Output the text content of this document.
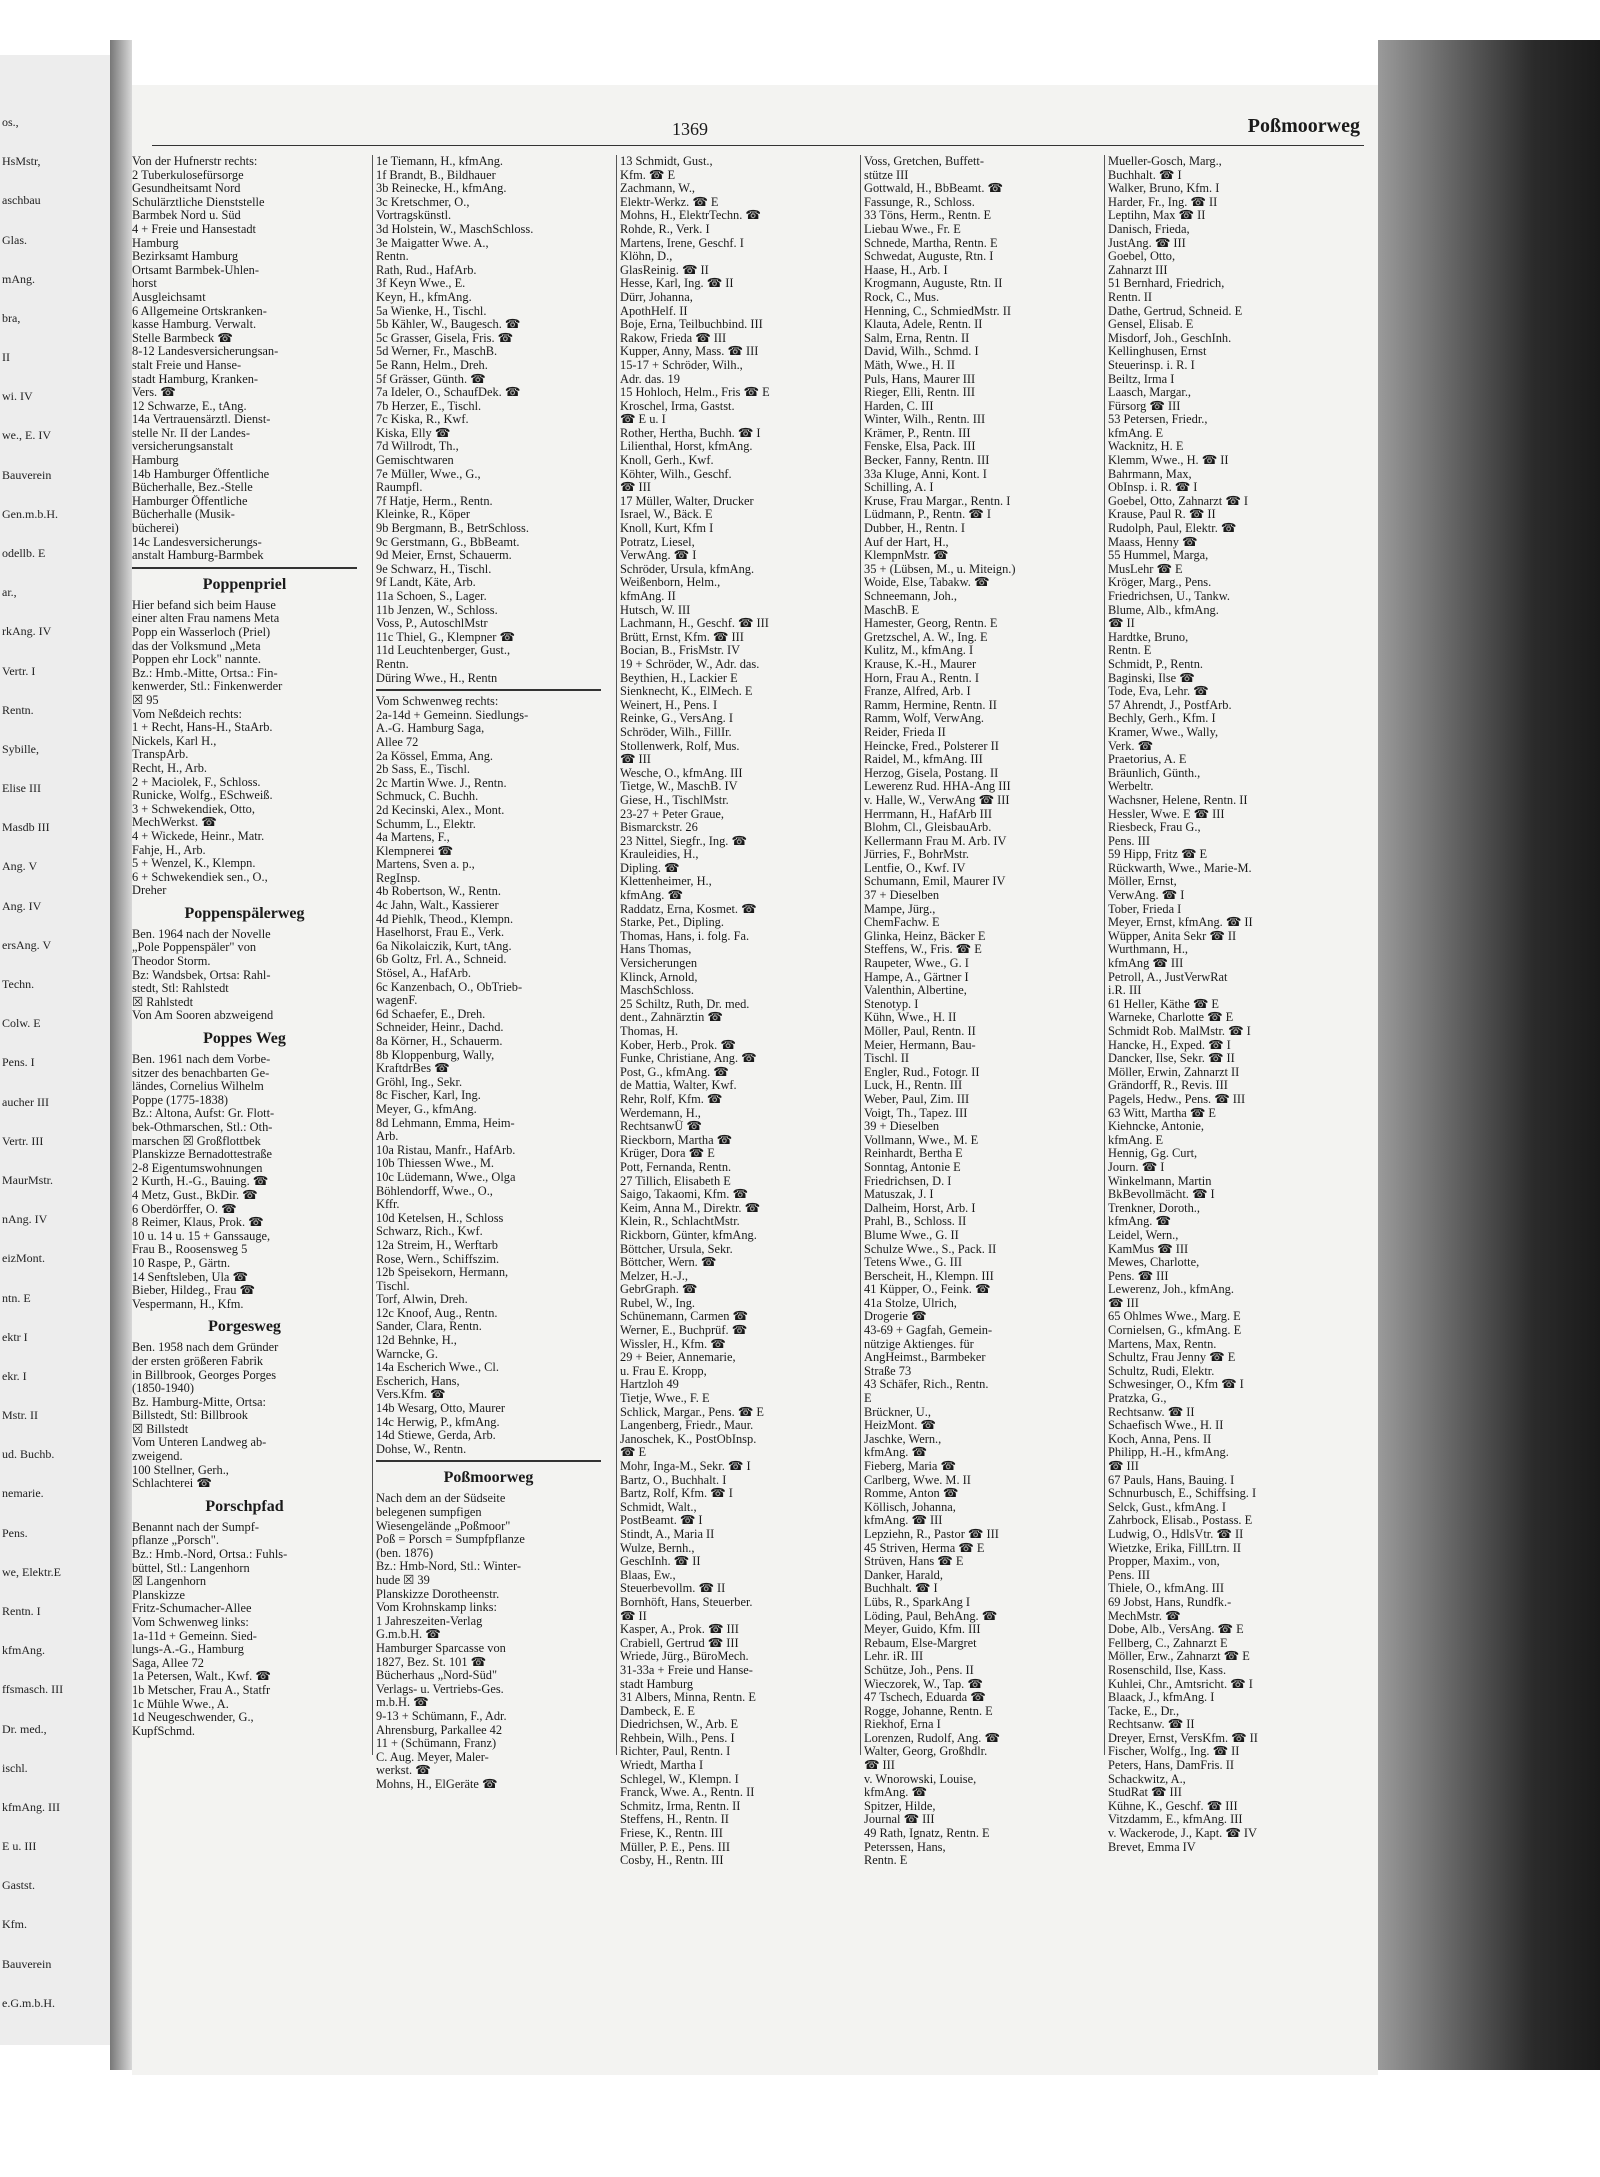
os.,
HsMstr,
aschbau
Glas.
mAng.
bra,
II
wi. IV
we., E. IV
Bauverein
Gen.m.b.H.
odellb. E
ar.,
rkAng. IV
Vertr. I
Rentn.
Sybille,
Elise III
Masdb III
Ang. V
Ang. IV
ersAng. V
Techn.
Colw. E
Pens. I
aucher III
Vertr. III
MaurMstr.
nAng. IV
eizMont.
ntn. E
ektr I
ekr. I
Mstr. II
ud. Buchb.
nemarie.
Pens.
we, Elektr.E
Rentn. I
kfmAng.
ffsmasch. III
Dr. med.,
ischl.
kfmAng. III
E u. III
Gastst.
Kfm.
Bauverein
e.G.m.b.H.
1369	Poßmoorweg
Von der Hufnerstr rechts:
2 Tuberkulosefürsorge
Gesundheitsamt Nord
Schulärztliche Dienststelle
Barmbek Nord u. Süd
4 + Freie und Hansestadt
Hamburg
Bezirksamt Hamburg
Ortsamt Barmbek-Uhlen-
horst
Ausgleichsamt
6 Allgemeine Ortskranken-
kasse Hamburg. Verwalt.
Stelle Barmbeck ☎
8-12 Landesversicherungsan-
stalt Freie und Hanse-
stadt Hamburg, Kranken-
Vers. ☎
12 Schwarze, E., tAng.
14a Vertrauensärztl. Dienst-
stelle Nr. II der Landes-
versicherungsanstalt
Hamburg
14b Hamburger Öffentliche
Bücherhalle, Bez.-Stelle
Hamburger Öffentliche
Bücherhalle (Musik-
bücherei)
14c Landesversicherungs-
anstalt Hamburg-Barmbek
Poppenpriel
Hier befand sich beim Hause
einer alten Frau namens Meta
Popp ein Wasserloch (Priel)
das der Volksmund „Meta
Poppen ehr Lock" nannte.
Bz.: Hmb.-Mitte, Ortsa.: Fin-
kenwerder, Stl.: Finkenwerder
☒ 95
Vom Neßdeich rechts:
1 + Recht, Hans-H., StaArb.
Nickels, Karl H.,
TranspArb.
Recht, H., Arb.
2 + Maciolek, F., Schloss.
Runicke, Wolfg., ESchweiß.
3 + Schwekendiek, Otto,
MechWerkst. ☎
4 + Wickede, Heinr., Matr.
Fahje, H., Arb.
5 + Wenzel, K., Klempn.
6 + Schwekendiek sen., O.,
Dreher
Poppenspälerweg
Ben. 1964 nach der Novelle
„Pole Poppenspäler" von
Theodor Storm.
Bz: Wandsbek, Ortsa: Rahl-
stedt, Stl: Rahlstedt
☒ Rahlstedt
Von Am Sooren abzweigend
Poppes Weg
Ben. 1961 nach dem Vorbe-
sitzer des benachbarten Ge-
ländes, Cornelius Wilhelm
Poppe (1775-1838)
Bz.: Altona, Aufst: Gr. Flott-
bek-Othmarschen, Stl.: Oth-
marschen ☒ Großflottbek
Planskizze Bernadottestraße
2-8 Eigentumswohnungen
2 Kurth, H.-G., Bauing. ☎
4 Metz, Gust., BkDir. ☎
6 Oberdörffer, O. ☎
8 Reimer, Klaus, Prok. ☎
10 u. 14 u. 15 + Ganssauge,
Frau B., Roosensweg 5
10 Raspe, P., Gärtn.
14 Senftsleben, Ula ☎
Bieber, Hildeg., Frau ☎
Vespermann, H., Kfm.
Porgesweg
Ben. 1958 nach dem Gründer
der ersten größeren Fabrik
in Billbrook, Georges Porges
(1850-1940)
Bz. Hamburg-Mitte, Ortsa:
Billstedt, Stl: Billbrook
☒ Billstedt
Vom Unteren Landweg ab-
zweigend.
100 Stellner, Gerh.,
Schlachterei ☎
Porschpfad
Benannt nach der Sumpf-
pflanze „Porsch".
Bz.: Hmb.-Nord, Ortsa.: Fuhls-
büttel, Stl.: Langenhorn
☒ Langenhorn
Planskizze
Fritz-Schumacher-Allee
Vom Schwenweg links:
1a-11d + Gemeinn. Sied-
lungs-A.-G., Hamburg
Saga, Allee 72
1a Petersen, Walt., Kwf. ☎
1b Metscher, Frau A., Statfr
1c Mühle Wwe., A.
1d Neugeschwender, G.,
KupfSchmd.
1e Tiemann, H., kfmAng.
1f Brandt, B., Bildhauer
3b Reinecke, H., kfmAng.
3c Kretschmer, O.,
Vortragskünstl.
3d Holstein, W., MaschSchloss.
3e Maigatter Wwe. A.,
Rentn.
Rath, Rud., HafArb.
3f Keyn Wwe., E.
Keyn, H., kfmAng.
5a Wienke, H., Tischl.
5b Kähler, W., Baugesch. ☎
5c Grasser, Gisela, Fris. ☎
5d Werner, Fr., MaschB.
5e Rann, Helm., Dreh.
5f Grässer, Günth. ☎
7a Ideler, O., SchaufDek. ☎
7b Herzer, E., Tischl.
7c Kiska, R., Kwf.
Kiska, Elly ☎
7d Willrodt, Th.,
Gemischtwaren
7e Müller, Wwe., G.,
Raumpfl.
7f Hatje, Herm., Rentn.
Kleinke, R., Köper
9b Bergmann, B., BetrSchloss.
9c Gerstmann, G., BbBeamt.
9d Meier, Ernst, Schauerm.
9e Schwarz, H., Tischl.
9f Landt, Käte, Arb.
11a Schoen, S., Lager.
11b Jenzen, W., Schloss.
Voss, P., AutoschlMstr
11c Thiel, G., Klempner ☎
11d Leuchtenberger, Gust.,
Rentn.
Düring Wwe., H., Rentn
Vom Schwenweg rechts:
2a-14d + Gemeinn. Siedlungs-
A.-G. Hamburg Saga,
Allee 72
2a Kössel, Emma, Ang.
2b Sass, E., Tischl.
2c Martin Wwe. J., Rentn.
Schmuck, C. Buchh.
2d Kecinski, Alex., Mont.
Schumm, L., Elektr.
4a Martens, F.,
Klempnerei ☎
Martens, Sven a. p.,
RegInsp.
4b Robertson, W., Rentn.
4c Jahn, Walt., Kassierer
4d Piehlk, Theod., Klempn.
Haselhorst, Frau E., Verk.
6a Nikolaiczik, Kurt, tAng.
6b Goltz, Frl. A., Schneid.
Stösel, A., HafArb.
6c Kanzenbach, O., ObTrieb-
wagenF.
6d Schaefer, E., Dreh.
Schneider, Heinr., Dachd.
8a Körner, H., Schauerm.
8b Kloppenburg, Wally,
KraftdrBes ☎
Gröhl, Ing., Sekr.
8c Fischer, Karl, Ing.
Meyer, G., kfmAng.
8d Lehmann, Emma, Heim-
Arb.
10a Ristau, Manfr., HafArb.
10b Thiessen Wwe., M.
10c Lüdemann, Wwe., Olga
Böhlendorff, Wwe., O.,
Kffr.
10d Ketelsen, H., Schloss
Schwarz, Rich., Kwf.
12a Streim, H., Werftarb
Rose, Wern., Schiffszim.
12b Speisekorn, Hermann,
Tischl.
Torf, Alwin, Dreh.
12c Knoof, Aug., Rentn.
Sander, Clara, Rentn.
12d Behnke, H.,
Warncke, G.
14a Escherich Wwe., Cl.
Escherich, Hans,
Vers.Kfm. ☎
14b Wesarg, Otto, Maurer
14c Herwig, P., kfmAng.
14d Stiewe, Gerda, Arb.
Dohse, W., Rentn.
Poßmoorweg
Nach dem an der Südseite
belegenen sumpfigen
Wiesengelände „Poßmoor"
Poß = Porsch = Sumpfpflanze
(ben. 1876)
Bz.: Hmb-Nord, Stl.: Winter-
hude ☒ 39
Planskizze Dorotheenstr.
Vom Krohnskamp links:
1 Jahreszeiten-Verlag
G.m.b.H. ☎
Hamburger Sparcasse von
1827, Bez. St. 101 ☎
Bücherhaus „Nord-Süd"
Verlags- u. Vertriebs-Ges.
m.b.H. ☎
9-13 + Schümann, F., Adr.
Ahrensburg, Parkallee 42
11 + (Schümann, Franz)
C. Aug. Meyer, Maler-
werkst. ☎
Mohns, H., ElGeräte ☎
13 Schmidt, Gust.,
Kfm. ☎ E
Zachmann, W.,
Elektr-Werkz. ☎ E
Mohns, H., ElektrTechn. ☎
Rohde, R., Verk. I
Martens, Irene, Geschf. I
Klöhn, D.,
GlasReinig. ☎ II
Hesse, Karl, Ing. ☎ II
Dürr, Johanna,
ApothHelf. II
Boje, Erna, Teilbuchbind. III
Rakow, Frieda ☎ III
Kupper, Anny, Mass. ☎ III
15-17 + Schröder, Wilh.,
Adr. das. 19
15 Hohloch, Helm., Fris ☎ E
Kroschel, Irma, Gastst.
☎ E u. I
Rother, Hertha, Buchh. ☎ I
Lilienthal, Horst, kfmAng.
Knoll, Gerh., Kwf.
Köhter, Wilh., Geschf.
☎ III
17 Müller, Walter, Drucker
Israel, W., Bäck. E
Knoll, Kurt, Kfm I
Potratz, Liesel,
VerwAng. ☎ I
Schröder, Ursula, kfmAng.
Weißenborn, Helm.,
kfmAng. II
Hutsch, W. III
Lachmann, H., Geschf. ☎ III
Brütt, Ernst, Kfm. ☎ III
Bocian, B., FrisMstr. IV
19 + Schröder, W., Adr. das.
Beythien, H., Lackier E
Sienknecht, K., ElMech. E
Weinert, H., Pens. I
Reinke, G., VersAng. I
Schröder, Wilh., FillIr.
Stollenwerk, Rolf, Mus.
☎ III
Wesche, O., kfmAng. III
Tietge, W., MaschB. IV
Giese, H., TischlMstr.
23-27 + Peter Graue,
Bismarckstr. 26
23 Nittel, Siegfr., Ing. ☎
Krauleidies, H.,
Dipling. ☎
Klettenheimer, H.,
kfmAng. ☎
Raddatz, Erna, Kosmet. ☎
Starke, Pet., Dipling.
Thomas, Hans, i. folg. Fa.
Hans Thomas,
Versicherungen
Klinck, Arnold,
MaschSchloss.
25 Schiltz, Ruth, Dr. med.
dent., Zahnärztin ☎
Thomas, H.
Kober, Herb., Prok. ☎
Funke, Christiane, Ang. ☎
Post, G., kfmAng. ☎
de Mattia, Walter, Kwf.
Rehr, Rolf, Kfm. ☎
Werdemann, H.,
RechtsanwÜ ☎
Rieckborn, Martha ☎
Krüger, Dora ☎ E
Pott, Fernanda, Rentn.
27 Tillich, Elisabeth E
Saigo, Takaomi, Kfm. ☎
Keim, Anna M., Direktr. ☎
Klein, R., SchlachtMstr.
Rickborn, Günter, kfmAng.
Böttcher, Ursula, Sekr.
Böttcher, Wern. ☎
Melzer, H.-J.,
GebrGraph. ☎
Rubel, W., Ing.
Schünemann, Carmen ☎
Werner, E., Buchprüf. ☎
Wissler, H., Kfm. ☎
29 + Beier, Annemarie,
u. Frau E. Kropp,
Hartzloh 49
Tietje, Wwe., F. E
Schlick, Margar., Pens. ☎ E
Langenberg, Friedr., Maur.
Janoschek, K., PostObInsp.
☎ E
Mohr, Inga-M., Sekr. ☎ I
Bartz, O., Buchhalt. I
Bartz, Rolf, Kfm. ☎ I
Schmidt, Walt.,
PostBeamt. ☎ I
Stindt, A., Maria II
Wulze, Bernh.,
GeschInh. ☎ II
Blaas, Ew.,
Steuerbevollm. ☎ II
Bornhöft, Hans, Steuerber.
☎ II
Kasper, A., Prok. ☎ III
Crabiell, Gertrud ☎ III
Wriede, Jürg., BüroMech.
31-33a + Freie und Hanse-
stadt Hamburg
31 Albers, Minna, Rentn. E
Dambeck, E. E
Diedrichsen, W., Arb. E
Rehbein, Wilh., Pens. I
Richter, Paul, Rentn. I
Wriedt, Martha I
Schlegel, W., Klempn. I
Franck, Wwe. A., Rentn. II
Schmitz, Irma, Rentn. II
Steffens, H., Rentn. II
Friese, K., Rentn. III
Müller, P. E., Pens. III
Cosby, H., Rentn. III
Voss, Gretchen, Buffett-
stütze III
Gottwald, H., BbBeamt. ☎
Fassunge, R., Schloss.
33 Töns, Herm., Rentn. E
Liebau Wwe., Fr. E
Schnede, Martha, Rentn. E
Schwedat, Auguste, Rtn. I
Haase, H., Arb. I
Krogmann, Auguste, Rtn. II
Rock, C., Mus.
Henning, C., SchmiedMstr. II
Klauta, Adele, Rentn. II
Salm, Erna, Rentn. II
David, Wilh., Schmd. I
Mäth, Wwe., H. II
Puls, Hans, Maurer III
Rieger, Elli, Rentn. III
Harden, C. III
Winter, Wilh., Rentn. III
Krämer, P., Rentn. III
Fenske, Elsa, Pack. III
Becker, Fanny, Rentn. III
33a Kluge, Anni, Kont. I
Schilling, A. I
Kruse, Frau Margar., Rentn. I
Lüdmann, P., Rentn. ☎ I
Dubber, H., Rentn. I
Auf der Hart, H.,
KlempnMstr. ☎
35 + (Lübsen, M., u. Miteign.)
Woide, Else, Tabakw. ☎
Schneemann, Joh.,
MaschB. E
Hamester, Georg, Rentn. E
Gretzschel, A. W., Ing. E
Kulitz, M., kfmAng. I
Krause, K.-H., Maurer
Horn, Frau A., Rentn. I
Franze, Alfred, Arb. I
Ramm, Hermine, Rentn. II
Ramm, Wolf, VerwAng.
Reider, Frieda II
Heincke, Fred., Polsterer II
Raidel, M., kfmAng. III
Herzog, Gisela, Postang. II
Lewerenz Rud. HHA-Ang III
v. Halle, W., VerwAng ☎ III
Herrmann, H., HafArb III
Blohm, Cl., GleisbauArb.
Kellermann Frau M. Arb. IV
Jürries, F., BohrMstr.
Lentfie, O., Kwf. IV
Schumann, Emil, Maurer IV
37 + Dieselben
Mampe, Jürg.,
ChemFachw. E
Glinka, Heinz, Bäcker E
Steffens, W., Fris. ☎ E
Raupeter, Wwe., G. I
Hampe, A., Gärtner I
Valenthin, Albertine,
Stenotyp. I
Kühn, Wwe., H. II
Möller, Paul, Rentn. II
Meier, Hermann, Bau-
Tischl. II
Engler, Rud., Fotogr. II
Luck, H., Rentn. III
Weber, Paul, Zim. III
Voigt, Th., Tapez. III
39 + Dieselben
Vollmann, Wwe., M. E
Reinhardt, Bertha E
Sonntag, Antonie E
Friedrichsen, D. I
Matuszak, J. I
Dalheim, Horst, Arb. I
Prahl, B., Schloss. II
Blume Wwe., G. II
Schulze Wwe., S., Pack. II
Tetens Wwe., G. III
Berscheit, H., Klempn. III
41 Küpper, O., Feink. ☎
41a Stolze, Ulrich,
Drogerie ☎
43-69 + Gagfah, Gemein-
nützige Aktienges. für
AngHeimst., Barmbeker
Straße 73
43 Schäfer, Rich., Rentn.
E
Brückner, U.,
HeizMont. ☎
Jaschke, Wern.,
kfmAng. ☎
Fieberg, Maria ☎
Carlberg, Wwe. M. II
Romme, Anton ☎
Köllisch, Johanna,
kfmAng. ☎ III
Lepziehn, R., Pastor ☎ III
45 Striven, Herma ☎ E
Strüven, Hans ☎ E
Danker, Harald,
Buchhalt. ☎ I
Lübs, R., SparkAng I
Löding, Paul, BehAng. ☎
Meyer, Guido, Kfm. III
Rebaum, Else-Margret
Lehr. iR. III
Schütze, Joh., Pens. II
Wieczorek, W., Tap. ☎
47 Tschech, Eduarda ☎
Rogge, Johanne, Rentn. E
Riekhof, Erna I
Lorenzen, Rudolf, Ang. ☎
Walter, Georg, Großhdlr.
☎ III
v. Wnorowski, Louise,
kfmAng. ☎
Spitzer, Hilde,
Journal ☎ III
49 Rath, Ignatz, Rentn. E
Peterssen, Hans,
Rentn. E
Mueller-Gosch, Marg.,
Buchhalt. ☎ I
Walker, Bruno, Kfm. I
Harder, Fr., Ing. ☎ II
Leptihn, Max ☎ II
Danisch, Frieda,
JustAng. ☎ III
Goebel, Otto,
Zahnarzt III
51 Bernhard, Friedrich,
Rentn. II
Dathe, Gertrud, Schneid. E
Gensel, Elisab. E
Misdorf, Joh., GeschInh.
Kellinghusen, Ernst
Steuerinsp. i. R. I
Beiltz, Irma I
Laasch, Margar.,
Fürsorg ☎ III
53 Petersen, Friedr.,
kfmAng. E
Wacknitz, H. E
Klemm, Wwe., H. ☎ II
Bahrmann, Max,
ObInsp. i. R. ☎ I
Goebel, Otto, Zahnarzt ☎ I
Krause, Paul R. ☎ II
Rudolph, Paul, Elektr. ☎
Maass, Henny ☎
55 Hummel, Marga,
MusLehr ☎ E
Kröger, Marg., Pens.
Friedrichsen, U., Tankw.
Blume, Alb., kfmAng.
☎ II
Hardtke, Bruno,
Rentn. E
Schmidt, P., Rentn.
Baginski, Ilse ☎
Tode, Eva, Lehr. ☎
57 Ahrendt, J., PostfArb.
Bechly, Gerh., Kfm. I
Kramer, Wwe., Wally,
Verk. ☎
Praetorius, A. E
Bräunlich, Günth.,
Werbeltr.
Wachsner, Helene, Rentn. II
Hessler, Wwe. E ☎ III
Riesbeck, Frau G.,
Pens. III
59 Hipp, Fritz ☎ E
Rückwarth, Wwe., Marie-M.
Möller, Ernst,
VerwAng. ☎ I
Tober, Frieda I
Meyer, Ernst, kfmAng. ☎ II
Wüpper, Anita Sekr ☎ II
Wurthmann, H.,
kfmAng ☎ III
Petroll, A., JustVerwRat
i.R. III
61 Heller, Käthe ☎ E
Warneke, Charlotte ☎ E
Schmidt Rob. MalMstr. ☎ I
Hancke, H., Exped. ☎ I
Dancker, Ilse, Sekr. ☎ II
Möller, Erwin, Zahnarzt II
Grändorff, R., Revis. III
Pagels, Hedw., Pens. ☎ III
63 Witt, Martha ☎ E
Kiehncke, Antonie,
kfmAng. E
Hennig, Gg. Curt,
Journ. ☎ I
Winkelmann, Martin
BkBevollmächt. ☎ I
Trenkner, Doroth.,
kfmAng. ☎
Leidel, Wern.,
KamMus ☎ III
Mewes, Charlotte,
Pens. ☎ III
Lewerenz, Joh., kfmAng.
☎ III
65 Ohlmes Wwe., Marg. E
Cornielsen, G., kfmAng. E
Martens, Max, Rentn.
Schultz, Frau Jenny ☎ E
Schultz, Rudi, Elektr.
Schwesinger, O., Kfm ☎ I
Pratzka, G.,
Rechtsanw. ☎ II
Schaefisch Wwe., H. II
Koch, Anna, Pens. II
Philipp, H.-H., kfmAng.
☎ III
67 Pauls, Hans, Bauing. I
Schnurbusch, E., Schiffsing. I
Selck, Gust., kfmAng. I
Zahrbock, Elisab., Postass. E
Ludwig, O., HdlsVtr. ☎ II
Wietzke, Erika, FillLtrn. II
Propper, Maxim., von,
Pens. III
Thiele, O., kfmAng. III
69 Jobst, Hans, Rundfk.-
MechMstr. ☎
Dobe, Alb., VersAng. ☎ E
Fellberg, C., Zahnarzt E
Möller, Erw., Zahnarzt ☎ E
Rosenschild, Ilse, Kass.
Kuhlei, Chr., Amtsricht. ☎ I
Blaack, J., kfmAng. I
Tacke, E., Dr.,
Rechtsanw. ☎ II
Dreyer, Ernst, VersKfm. ☎ II
Fischer, Wolfg., Ing. ☎ II
Peters, Hans, DamFris. II
Schackwitz, A.,
StudRat ☎ III
Kühne, K., Geschf. ☎ III
Vitzdamm, E., kfmAng. III
v. Wackerode, J., Kapt. ☎ IV
Brevet, Emma IV
